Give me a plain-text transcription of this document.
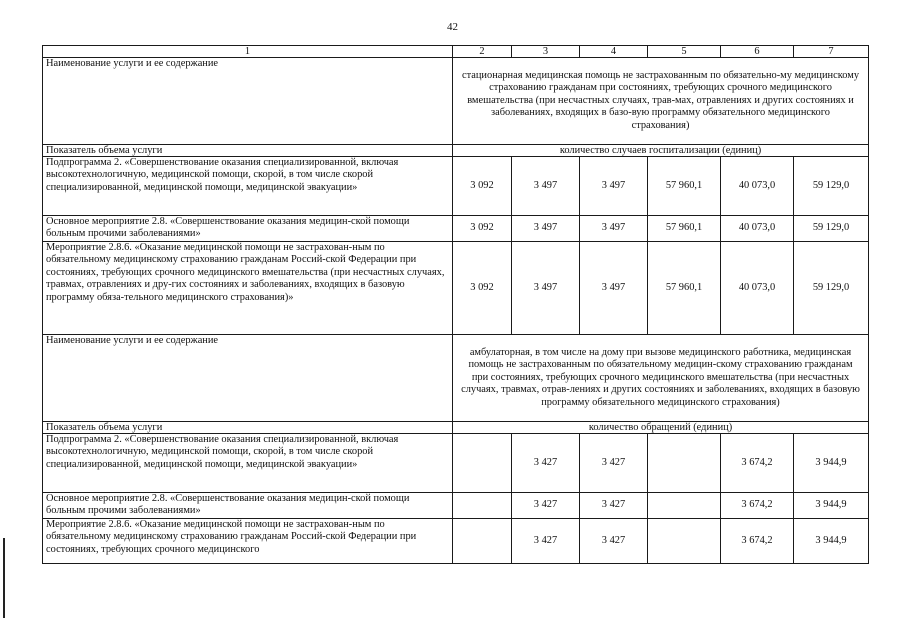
42
1	2	3	4	5	6	7
Наименование услуги и ее содержание	стационарная медицинская помощь не застрахованным по обязательно-му медицинскому страхованию гражданам при состояниях, требующих срочного медицинского вмешательства (при несчастных случаях, трав-мах, отравлениях и других состояниях и заболеваниях, входящих в базо-вую программу обязательного медицинского страхования)					
Показатель объема услуги	количество случаев госпитализации (единиц)					
Подпрограмма 2. «Совершенствование оказания специализированной, включая высокотехнологичную, медицинской помощи, скорой, в том числе скорой специализированной, медицинской помощи, медицинской эвакуации»	3 092	3 497	3 497	57 960,1	40 073,0	59 129,0
Основное мероприятие 2.8. «Совершенствование оказания медицин-ской помощи больным прочими заболеваниями»	3 092	3 497	3 497	57 960,1	40 073,0	59 129,0
Мероприятие 2.8.6. «Оказание медицинской помощи не застрахован-ным по обязательному медицинскому страхованию гражданам Россий-ской Федерации при состояниях, требующих срочного медицинского вмешательства (при несчастных случаях, травмах, отравлениях и дру-гих состояниях и заболеваниях, входящих в базовую программу обяза-тельного медицинского страхования)»	3 092	3 497	3 497	57 960,1	40 073,0	59 129,0
Наименование услуги и ее содержание	амбулаторная, в том числе на дому при вызове медицинского работника, медицинская помощь не застрахованным по обязательному медицин-скому страхованию гражданам при состояниях, требующих срочного медицинского вмешательства (при несчастных случаях, травмах, отрав-лениях и других состояниях и заболеваниях, входящих в базовую программу обязательного медицинского страхования)					
Показатель объема услуги	количество обращений (единиц)					
Подпрограмма 2. «Совершенствование оказания специализированной, включая высокотехнологичную, медицинской помощи, скорой, в том числе скорой специализированной, медицинской помощи, медицинской эвакуации»		3 427	3 427		3 674,2	3 944,9
Основное мероприятие 2.8. «Совершенствование оказания медицин-ской помощи больным прочими заболеваниями»		3 427	3 427		3 674,2	3 944,9
Мероприятие 2.8.6. «Оказание медицинской помощи не застрахован-ным по обязательному медицинскому страхованию гражданам Россий-ской Федерации при состояниях, требующих срочного медицинского		3 427	3 427		3 674,2	3 944,9
